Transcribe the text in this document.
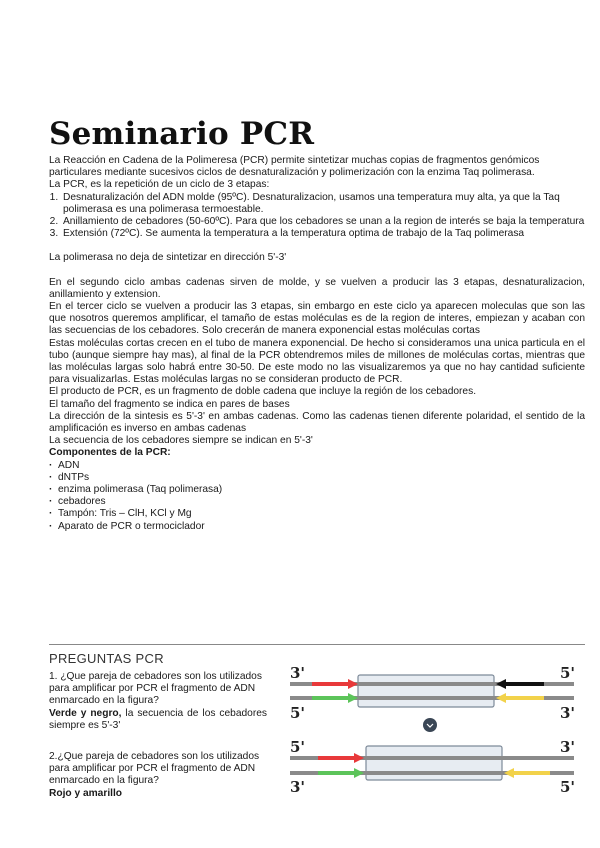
Seminario PCR

La Reacción en Cadena de la Polimeresa (PCR) permite sintetizar muchas copias de fragmentos genómicos particulares mediante sucesivos ciclos de desnaturalización y polimerización con la enzima Taq polimerasa.

La PCR, es la repetición de un ciclo de 3 etapas:

1. Desnaturalización del ADN molde (95ºC). Desnaturalizacion, usamos una temperatura muy alta, ya que la Taq polimerasa es una polimerasa termoestable.
2. Anillamiento de cebadores (50-60ºC). Para que los cebadores se unan a la region de interés se baja la temperatura
3. Extensión (72ºC). Se aumenta la temperatura a la temperatura optima de trabajo de la Taq polimerasa

La polimerasa no deja de sintetizar en dirección 5'-3'

En el segundo ciclo ambas cadenas sirven de molde, y se vuelven a producir las 3 etapas, desnaturalizacion, anillamiento y extension.

En el tercer ciclo se vuelven a producir las 3 etapas, sin embargo en este ciclo ya aparecen moleculas que son las que nosotros queremos amplificar, el tamaño de estas moléculas es de la region de interes, empiezan y acaban con las secuencias de los cebadores. Solo crecerán de manera exponencial estas moléculas cortas

Estas moléculas cortas crecen en el tubo de manera exponencial. De hecho si consideramos una unica particula en el tubo (aunque siempre hay mas), al final de la PCR obtendremos miles de millones de moléculas cortas, mientras que las moléculas largas solo habrá entre 30-50. De este modo no las visualizaremos ya que no hay cantidad suficiente para visualizarlas. Estas moléculas largas no se consideran producto de PCR.

El producto de PCR, es un fragmento de doble cadena que incluye la región de los cebadores.

El tamaño del fragmento se indica en pares de bases

La dirección de la sintesis es 5'-3' en ambas cadenas. Como las cadenas tienen diferente polaridad, el sentido de la amplificación es inverso en ambas cadenas

La secuencia de los cebadores siempre se indican en 5'-3'

Componentes de la PCR:

· ADN
· dNTPs
· enzima polimerasa (Taq polimerasa)
· cebadores
· Tampón: Tris – ClH, KCl y Mg
· Aparato de PCR o termociclador
PREGUNTAS PCR

1. ¿Que pareja de cebadores son los utilizados para amplificar por PCR el fragmento de ADN enmarcado en la figura?

Verde y negro, la secuencia de los cebadores siempre es 5'-3'

2.¿Que pareja de cebadores son los utilizados para amplificar por PCR el fragmento de ADN enmarcado en la figura?

Rojo y amarillo

3'	5'
5'	3'
5'	3'
3'	5'
